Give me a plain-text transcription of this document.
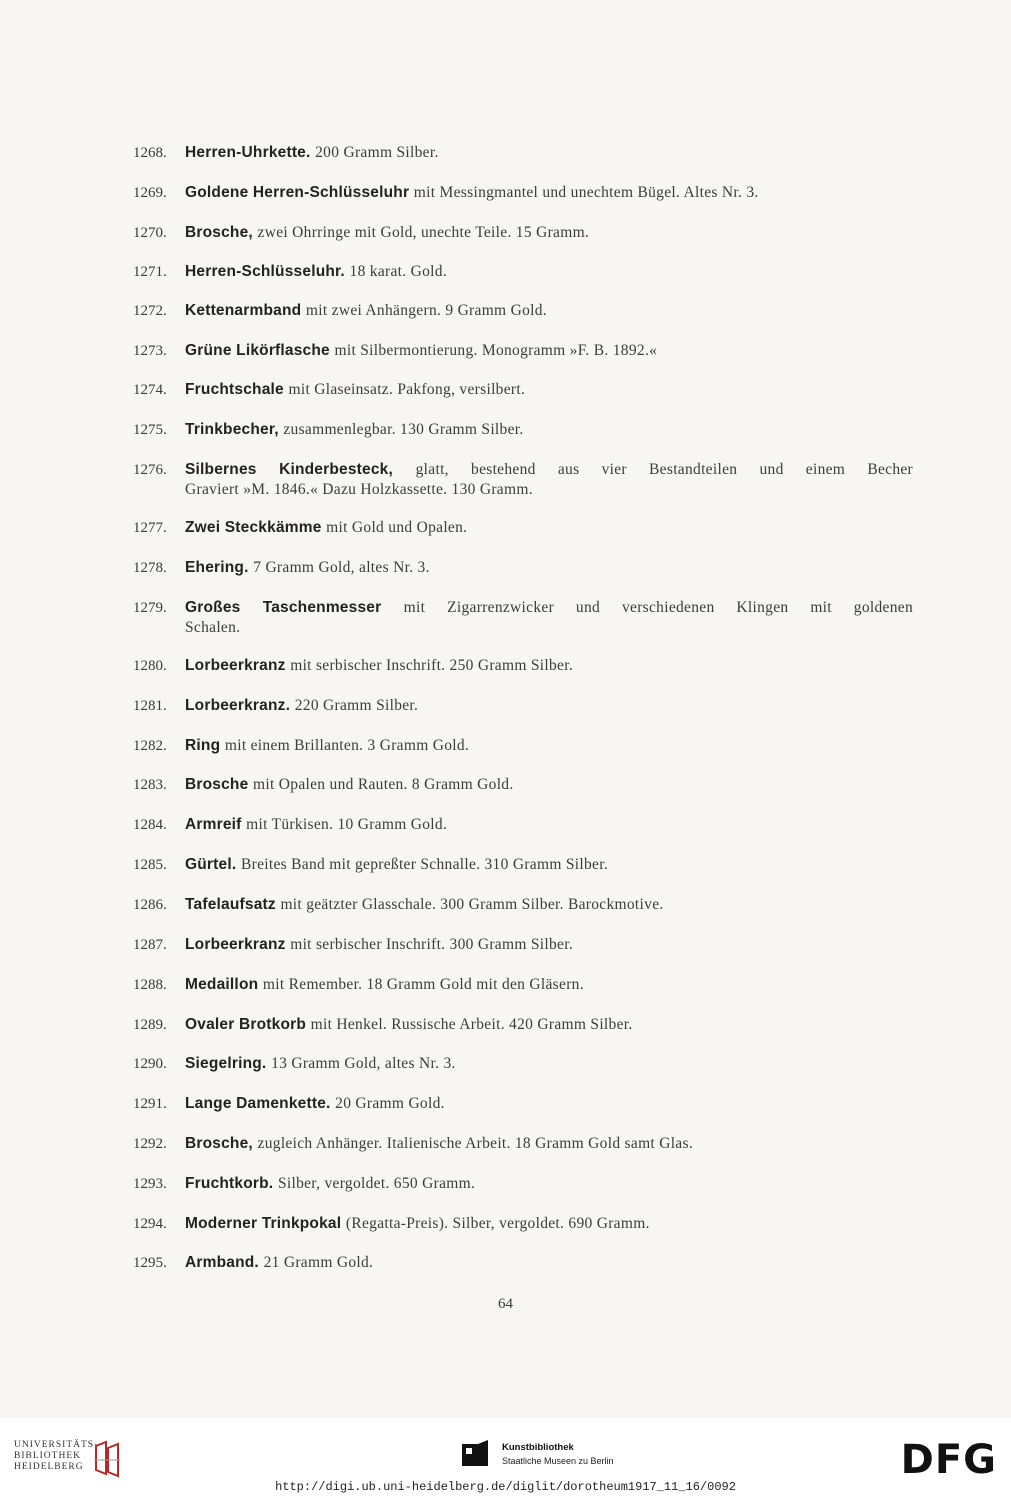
1268. Herren-Uhrkette. 200 Gramm Silber.
1269. Goldene Herren-Schlüsseluhr mit Messingmantel und unechtem Bügel. Altes Nr. 3.
1270. Brosche, zwei Ohrringe mit Gold, unechte Teile. 15 Gramm.
1271. Herren-Schlüsseluhr. 18 karat. Gold.
1272. Kettenarmband mit zwei Anhängern. 9 Gramm Gold.
1273. Grüne Likörflasche mit Silbermontierung. Monogramm »F. B. 1892.«
1274. Fruchtschale mit Glaseinsatz. Pakfong, versilbert.
1275. Trinkbecher, zusammenlegbar. 130 Gramm Silber.
1276. Silbernes Kinderbesteck, glatt, bestehend aus vier Bestandteilen und einem Becher
Graviert »M. 1846.« Dazu Holzkassette. 130 Gramm.
1277. Zwei Steckkämme mit Gold und Opalen.
1278. Ehering. 7 Gramm Gold, altes Nr. 3.
1279. Großes Taschenmesser mit Zigarrenzwicker und verschiedenen Klingen mit goldenen
Schalen.
1280. Lorbeerkranz mit serbischer Inschrift. 250 Gramm Silber.
1281. Lorbeerkranz. 220 Gramm Silber.
1282. Ring mit einem Brillanten. 3 Gramm Gold.
1283. Brosche mit Opalen und Rauten. 8 Gramm Gold.
1284. Armreif mit Türkisen. 10 Gramm Gold.
1285. Gürtel. Breites Band mit gepreßter Schnalle. 310 Gramm Silber.
1286. Tafelaufsatz mit geätzter Glasschale. 300 Gramm Silber. Barockmotive.
1287. Lorbeerkranz mit serbischer Inschrift. 300 Gramm Silber.
1288. Medaillon mit Remember. 18 Gramm Gold mit den Gläsern.
1289. Ovaler Brotkorb mit Henkel. Russische Arbeit. 420 Gramm Silber.
1290. Siegelring. 13 Gramm Gold, altes Nr. 3.
1291. Lange Damenkette. 20 Gramm Gold.
1292. Brosche, zugleich Anhänger. Italienische Arbeit. 18 Gramm Gold samt Glas.
1293. Fruchtkorb. Silber, vergoldet. 650 Gramm.
1294. Moderner Trinkpokal (Regatta-Preis). Silber, vergoldet. 690 Gramm.
1295. Armband. 21 Gramm Gold.
64
UNIVERSITÄTS-
BIBLIOTHEK
HEIDELBERG
Kunstbibliothek
Staatliche Museen zu Berlin	DFG
http://digi.ub.uni-heidelberg.de/diglit/dorotheum1917_11_16/0092
